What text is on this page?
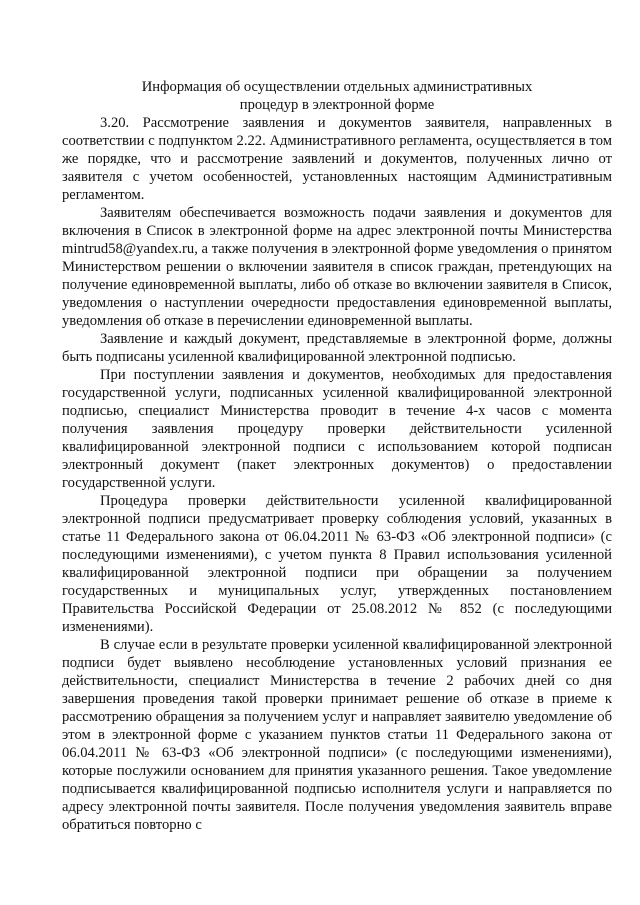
Информация об осуществлении отдельных административных
процедур в электронной форме

3.20. Рассмотрение заявления и документов заявителя, направленных в соответствии с подпунктом 2.22. Административного регламента, осуществляется в том же порядке, что и рассмотрение заявлений и документов, полученных лично от заявителя с учетом особенностей, установленных настоящим Административным регламентом.

Заявителям обеспечивается возможность подачи заявления и документов для включения в Список в электронной форме на адрес электронной почты Министерства mintrud58@yandex.ru, а также получения в электронной форме уведомления о принятом Министерством решении о включении заявителя в список граждан, претендующих на получение единовременной выплаты, либо об отказе во включении заявителя в Список, уведомления о наступлении очередности предоставления единовременной выплаты, уведомления об отказе в перечислении единовременной выплаты.

Заявление и каждый документ, представляемые в электронной форме, должны быть подписаны усиленной квалифицированной электронной подписью.

При поступлении заявления и документов, необходимых для предоставления государственной услуги, подписанных усиленной квалифицированной электронной подписью, специалист Министерства проводит в течение 4-х часов с момента получения заявления процедуру проверки действительности усиленной квалифицированной электронной подписи с использованием которой подписан электронный документ (пакет электронных документов) о предоставлении государственной услуги.

Процедура проверки действительности усиленной квалифицированной электронной подписи предусматривает проверку соблюдения условий, указанных в статье 11 Федерального закона от 06.04.2011 № 63-ФЗ «Об электронной подписи» (с последующими изменениями), с учетом пункта 8 Правил использования усиленной квалифицированной электронной подписи при обращении за получением государственных и муниципальных услуг, утвержденных постановлением Правительства Российской Федерации от 25.08.2012 № 852 (с последующими изменениями).

В случае если в результате проверки усиленной квалифицированной электронной подписи будет выявлено несоблюдение установленных условий признания ее действительности, специалист Министерства в течение 2 рабочих дней со дня завершения проведения такой проверки принимает решение об отказе в приеме к рассмотрению обращения за получением услуг и направляет заявителю уведомление об этом в электронной форме с указанием пунктов статьи 11 Федерального закона от 06.04.2011 № 63-ФЗ «Об электронной подписи» (с последующими изменениями), которые послужили основанием для принятия указанного решения. Такое уведомление подписывается квалифицированной подписью исполнителя услуги и направляется по адресу электронной почты заявителя. После получения уведомления заявитель вправе обратиться повторно с
